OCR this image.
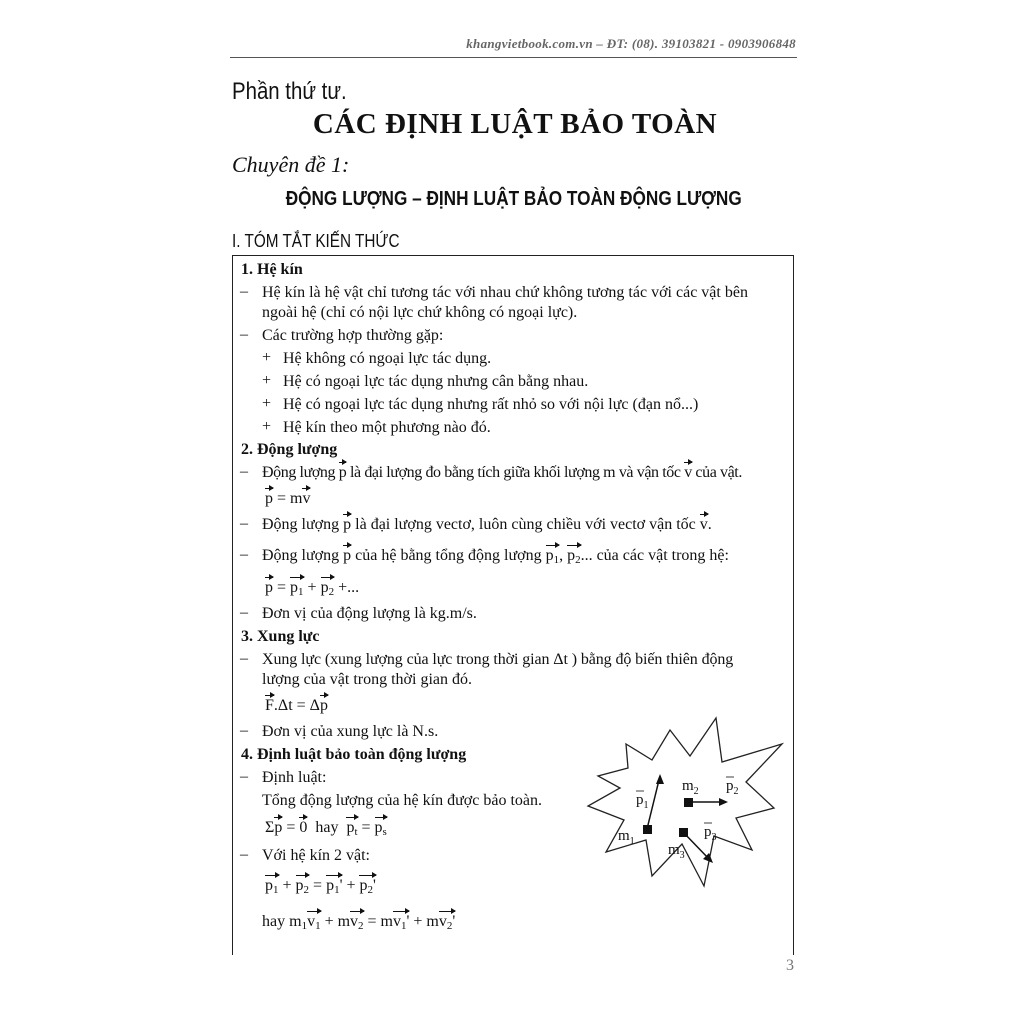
khangvietbook.com.vn – ĐT: (08). 39103821 - 0903906848
Phần thứ tư.
CÁC ĐỊNH LUẬT BẢO TOÀN
Chuyên đề 1:
ĐỘNG LƯỢNG – ĐỊNH LUẬT BẢO TOÀN ĐỘNG LƯỢNG
I. TÓM TẮT KIẾN THỨC
1. Hệ kín
– Hệ kín là hệ vật chỉ tương tác với nhau chứ không tương tác với các vật bên
ngoài hệ (chỉ có nội lực chứ không có ngoại lực).
– Các trường hợp thường gặp:
+ Hệ không có ngoại lực tác dụng.
+ Hệ có ngoại lực tác dụng nhưng cân bằng nhau.
+ Hệ có ngoại lực tác dụng nhưng rất nhỏ so với nội lực (đạn nổ...)
+ Hệ kín theo một phương nào đó.
2. Động lượng
– Động lượng p là đại lượng đo bằng tích giữa khối lượng m và vận tốc v của vật.
p = mv
– Động lượng p là đại lượng vectơ, luôn cùng chiều với vectơ vận tốc v.
– Động lượng p của hệ bằng tổng động lượng $p_1$, $p_2$... của các vật trong hệ:
$p = p_1 + p_2$ +...
– Đơn vị của động lượng là kg.m/s.
3. Xung lực
– Xung lực (xung lượng của lực trong thời gian Δt ) bằng độ biến thiên động
lượng của vật trong thời gian đó.
F.Δt = Δp
– Đơn vị của xung lực là N.s.
4. Định luật bảo toàn động lượng
– Định luật:
Tổng động lượng của hệ kín được bảo toàn.
Σp = 0 hay $p_t = p_s$
– Với hệ kín 2 vật:
$p_1 + p_2 = p_1' + p_2'$
hay $m_1v_1 + mv_2 = mv_1' + mv_2'$
$m_1$
$m_2$
$m_3$
$p_1$
$p_2$
$p_3$
3
